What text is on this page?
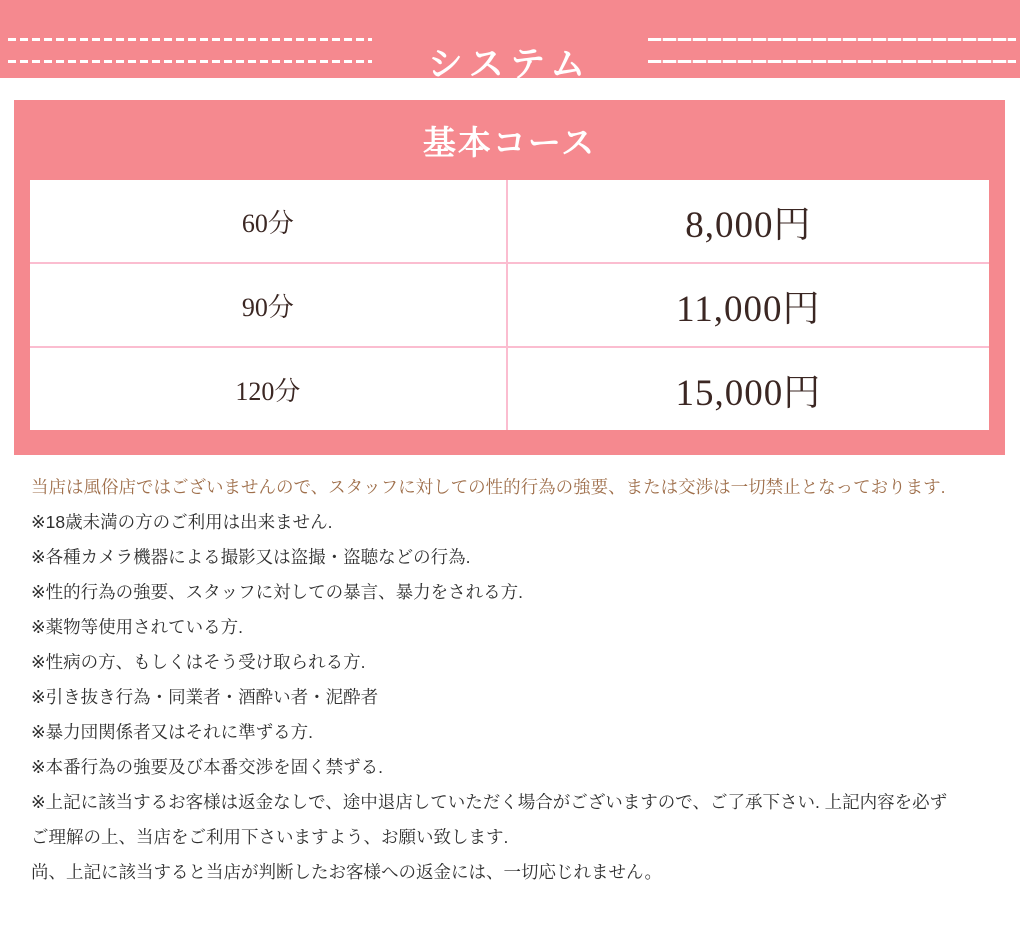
システム
基本コース
60分	8,000円
90分	11,000円
120分	15,000円

当店は風俗店ではございませんので、スタッフに対しての性的行為の強要、または交渉は一切禁止となっております.

※18歳未満の方のご利用は出来ません.

※各種カメラ機器による撮影又は盗撮・盗聴などの行為.

※性的行為の強要、スタッフに対しての暴言、暴力をされる方.

※薬物等使用されている方.

※性病の方、もしくはそう受け取られる方.

※引き抜き行為・同業者・酒酔い者・泥酔者

※暴力団関係者又はそれに準ずる方.

※本番行為の強要及び本番交渉を固く禁ずる.

※上記に該当するお客様は返金なしで、途中退店していただく場合がございますので、ご了承下さい. 上記内容を必ず

ご理解の上、当店をご利用下さいますよう、お願い致します.

尚、上記に該当すると当店が判断したお客様への返金には、一切応じれません。
